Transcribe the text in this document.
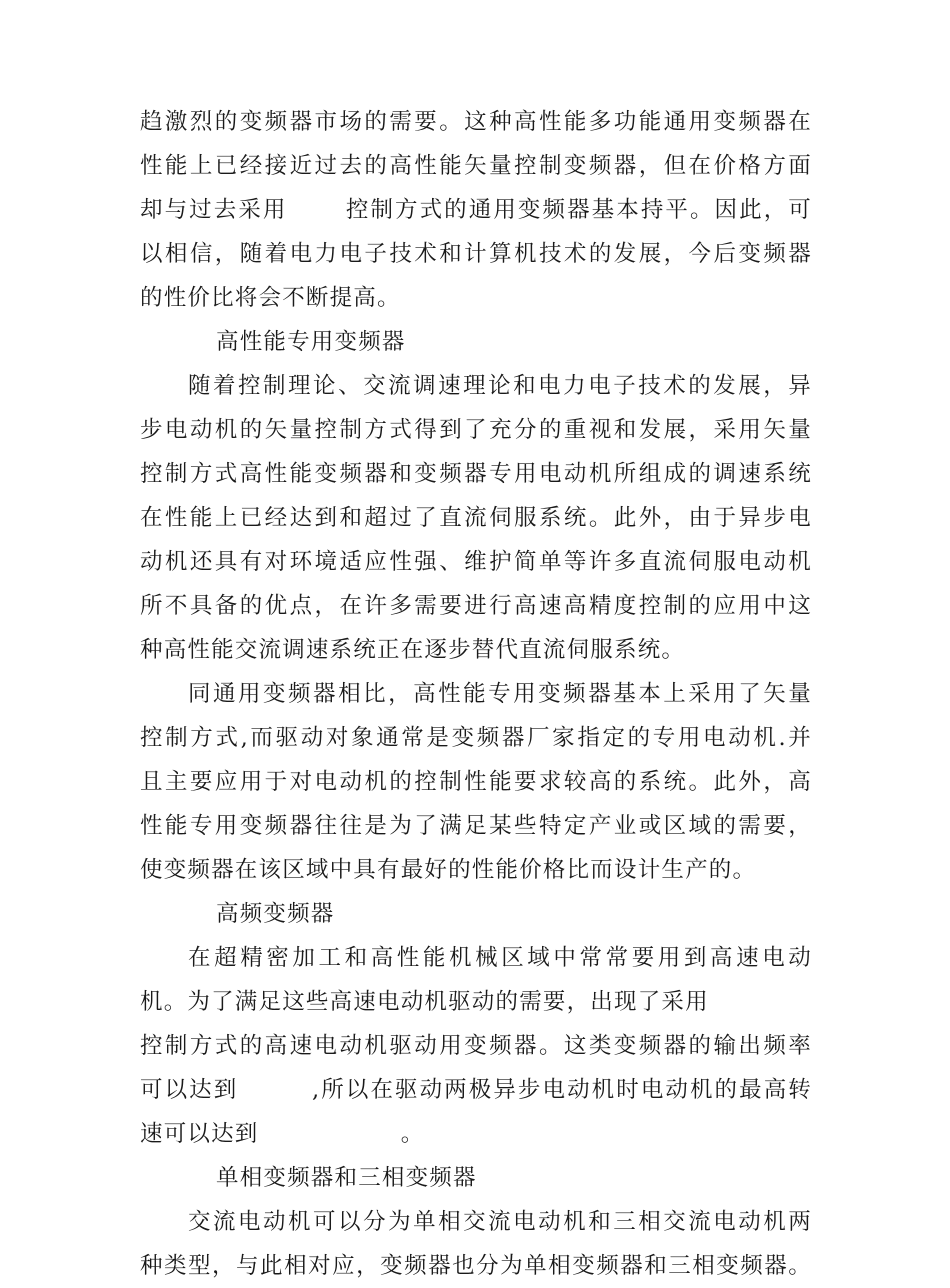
趋激烈的变频器市场的需要。这种高性能多功能通用变频器在
性能上已经接近过去的高性能矢量控制变频器，但在价格方面
却与过去采用　　 控制方式的通用变频器基本持平。因此，可
以相信，随着电力电子技术和计算机技术的发展，今后变频器
的性价比将会不断提高。
高性能专用变频器
随着控制理论、交流调速理论和电力电子技术的发展，异
步电动机的矢量控制方式得到了充分的重视和发展，采用矢量
控制方式高性能变频器和变频器专用电动机所组成的调速系统
在性能上已经达到和超过了直流伺服系统。此外，由于异步电
动机还具有对环境适应性强、维护简单等许多直流伺服电动机
所不具备的优点，在许多需要进行高速高精度控制的应用中这
种高性能交流调速系统正在逐步替代直流伺服系统。
同通用变频器相比，高性能专用变频器基本上采用了矢量
控制方式,而驱动对象通常是变频器厂家指定的专用电动机.并
且主要应用于对电动机的控制性能要求较高的系统。此外，高
性能专用变频器往往是为了满足某些特定产业或区域的需要，
使变频器在该区域中具有最好的性能价格比而设计生产的。
高频变频器
在超精密加工和高性能机械区域中常常要用到高速电动
机。为了满足这些高速电动机驱动的需要，出现了采用
控制方式的高速电动机驱动用变频器。这类变频器的输出频率
可以达到　　　,所以在驱动两极异步电动机时电动机的最高转
速可以达到　　　　　　。
单相变频器和三相变频器
交流电动机可以分为单相交流电动机和三相交流电动机两
种类型，与此相对应，变频器也分为单相变频器和三相变频器。
